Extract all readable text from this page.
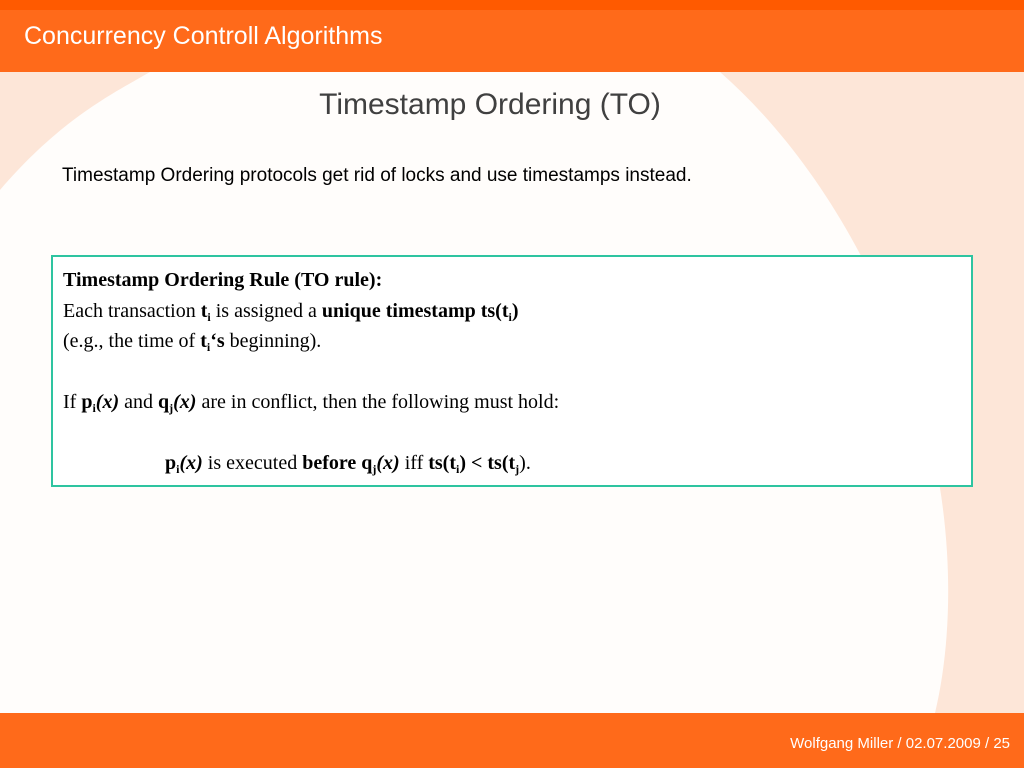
Concurrency Controll Algorithms
Timestamp Ordering (TO)
Timestamp Ordering protocols get rid of locks and use timestamps instead.
Timestamp Ordering Rule (TO rule):
Each transaction $t_i$ is assigned a unique timestamp $ts(t_i)$
(e.g., the time of $t_i‘s$ beginning).
If $p_i(x)$ and $q_j(x)$ are in conflict, then the following must hold:
$p_i(x)$ is executed before $q_j(x)$ iff $ts(t_i) < ts(t_j)$.
Wolfgang Miller / 02.07.2009 / 25
